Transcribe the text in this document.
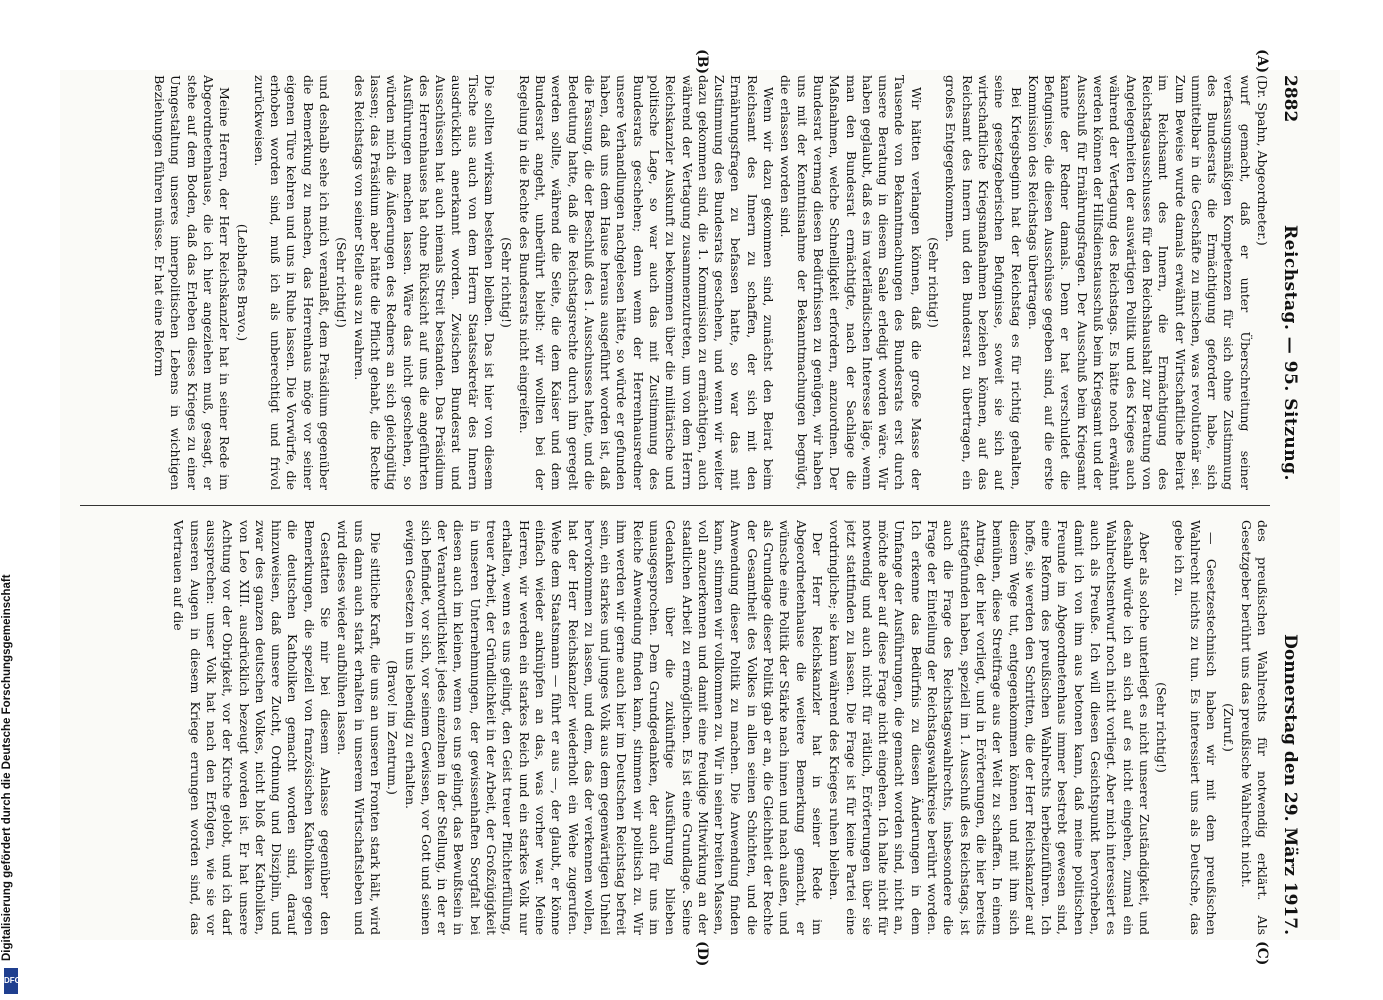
2882
Reichstag. — 95. Sitzung.
Donnerstag den 29. März 1917.

(Dr. Spahn, Abgeordneter.)

wurf gemacht, daß er unter Überschreitung seiner verfassungsmäßigen Kompetenzen für sich ohne Zustimmung des Bundesrats die Ermächtigung geforderr habe, sich unmittelbar in die Geschäfte zu mischen, was revolutionär sei. Zum Beweise wurde damals erwähnt der Wirtschaftliche Beirat im Reichsamt des Innern, die Ermächtigung des Reichstagsausschusses für den Reichshaushalt zur Beratung von Angelegenheiten der auswärtigen Politik und des Krieges auch während der Vertagung des Reichstags. Es hätte noch erwähnt werden können der Hilfsdienstausschuß beim Kriegsamt und der Ausschuß für Ernährungsfragen. Der Ausschuß beim Kriegsamt kannte der Redner damals. Denn er hat verschuldet die Befugnisse, die diesen Ausschüsse gegeben sind, auf die erste Kommission des Reichstags übertragen.

Bei Kriegsbeginn hat der Reichstag es für richtig gehalten, seine gesetzgeberischen Befugnisse, soweit sie sich auf wirtschaftliche Kriegsmaßnahmen beziehen können, auf das Reichsamt des Innern und den Bundesrat zu übertragen, ein großes Entgegenkommen.

(Sehr richtig!)

Wir hätten verlangen können, daß die große Masse der Tausende von Bekanntmachungen des Bundesrats erst durch unsere Beratung in diesem Saale erledigt worden wäre. Wir haben geglaubt, daß es im vaterländischen Interesse läge, wenn man den Bundesrat ermächtigte, nach der Sachlage die Maßnahmen, welche Schnelligkeit erfordern, anzuordnen. Der Bundesrat vermag diesen Bedürfnissen zu genügen, wir haben uns mit der Kenntnisnahme der Bekanntmachungen begnügt, die erlassen worden sind.

Wenn wir dazu gekommen sind, zunächst den Beirat beim Reichsamt des Innern zu schaffen, der sich mit den Ernährungsfragen zu befassen hatte, so war das mit Zustimmung des Bundesrats geschehen, und wenn wir weiter dazu gekommen sind, die 1. Kommission zu ermächtigen, auch während der Vertagung zusammenzutreten, um von dem Herrn Reichskanzler Auskunft zu bekommen über die militärische und politische Lage, so war auch das mit Zustimmung des Bundesrats geschehen; denn wenn der Herrenhausredner unsere Verhandlungen nachgelesen hätte, so würde er gefunden haben, daß uns dem Hause heraus ausgeführt worden ist, daß die Fassung, die der Beschluß des 1. Ausschusses hatte, und die Bedeutung hatte, daß die Reichstagsrechte durch ihn geregelt werden sollte, während die Seite, die dem Kaiser und dem Bundesrat angeht, unberührt bleibt: wir wollten bei der Regelung in die Rechte des Bundesrats nicht eingreifen.

(Sehr richtig!)

Die sollten wirksam bestehen bleiben. Das ist hier von diesem Tische aus auch von dem Herrn Staatssekretär des Innern ausdrücklich anerkannt worden. Zwischen Bundesrat und Ausschüssen hat auch niemals Streit bestanden. Das Präsidium des Herrenhauses hat ohne Rücksicht auf uns die angeführten Ausführungen machen lassen. Wäre das nicht geschehen, so würden mich die Äußerungen des Redners an sich gleichgültig lassen; das Präsidium aber hätte die Pflicht gehabt, die Rechte des Reichstags von seiner Stelle aus zu wahren.

(Sehr richtig!)

und deshalb sehe ich mich veranlaßt, dem Präsidium gegenüber die Bemerkung zu machen, das Herrenhaus möge vor seiner eigenen Türe kehren und uns in Ruhe lassen. Die Vorwürfe, die erhoben worden sind, muß ich als unberechtigt und frivol zurückweisen.

(Lebhaftes Bravo.)

Meine Herren, der Herr Reichskanzler hat in seiner Rede im Abgeordnetenhause, die ich hier angeziehen muß, gesagt, er stehe auf dem Boden, daß das Erleben dieses Krieges zu einer Umgestaltung unseres innerpolitischen Lebens in wichtigen Beziehungen führen müsse. Er hat eine Reform

des preußischen Wahlrechts für notwendig erklärt. Als Gesetzgeber berührt uns das preußische Wahlrecht nicht.

(Zuruf.)

— Gesetzestechnisch haben wir mit dem preußischen Wahlrecht nichts zu tun. Es interessiert uns als Deutsche, das gebe ich zu.

(Sehr richtig!)

Aber als solche unterliegt es nicht unserer Zuständigkeit, und deshalb würde ich an sich auf es nicht eingehen, zumal ein Wahlrechtsentwurf noch nicht vorliegt. Aber mich interessiert es auch als Preuße. Ich will diesen Gesichtspunkt hervorheben, damit ich von ihm aus betonen kann, daß meine politischen Freunde im Abgeordnetenhaus immer bestrebt gewesen sind, eine Reform des preußischen Wahlrechts herbeizuführen. Ich hoffe, sie werden den Schritten, die der Herr Reichskanzler auf diesem Wege tut, entgegenkommen können und mit ihm sich bemühen, diese Streitfrage aus der Welt zu schaffen. In einem Antrag, der hier vorliegt, und in Erörterungen, die hier bereits stattgefunden haben, speziell im 1. Ausschuß des Reichstags, ist auch die Frage des Reichstagswahlrechts, insbesondere die Frage der Einteilung der Reichstagswahlkreise berührt worden. Ich erkenne das Bedürfnis zu diesen Änderungen in dem Umfange der Ausführungen, die gemacht worden sind, nicht an, möchte aber auf diese Frage nicht eingehen. Ich halte nicht für notwendig und auch nicht für rätlich, Erörterungen über sie jetzt stattfinden zu lassen. Die Frage ist für keine Partei eine vordringliche; sie kann während des Krieges ruhen bleiben.

Der Herr Reichskanzler hat in seiner Rede im Abgeordnetenhause die weitere Bemerkung gemacht, er wünsche eine Politik der Stärke nach innen und nach außen, und als Grundlage dieser Politik gab er an, die Gleichheit der Rechte der Gesamtheit des Volkes in allen seinen Schichten, und die Anwendung dieser Politik zu machen. Die Anwendung finden kann, stimmen wir vollkommen zu. Wir in seiner breiten Massen, voll anzuerkennen und damit eine freudige Mitwirkung an der staatlichen Arbeit zu ermöglichen. Es ist eine Grundlage. Seine Gedanken über die zukünftige Ausführung blieben unausgesprochen. Dem Grundgedanken, der auch für uns im Reiche Anwendung finden kann, stimmen wir politisch zu. Wir ihm werden wir gerne auch hier im Deutschen Reichstag befreit sein, ein starkes und junges Volk aus dem gegenwärtigen Unheil hervorkommen zu lassen, und dem, das der verkennen wollen, hat der Herr Reichskanzler wiederholt ein Wehe zugerufen. Wehe dem Staatsmann — führt er aus —, der glaubt, er könne einfach wieder anknüpfen an das, was vorher war. Meine Herren, wir werden ein starkes Reich und ein starkes Volk nur erhalten, wenn es uns gelingt, den Geist treuer Pflichterfüllung, treuer Arbeit, der Gründlichkeit in der Arbeit, der Großzügigkeit in unseren Unternehmungen, der gewissenhaften Sorgfalt bei diesen auch im kleinen, wenn es uns gelingt, das Bewußtsein in der Verantwortlichkeit jedes einzelnen in der Stellung, in der er sich befindet, vor sich, vor seinem Gewissen, vor Gott und seinen ewigen Gesetzen in uns lebendig zu erhalten.

(Bravo! im Zentrum.)

Die sittliche Kraft, die uns an unseren Fronten stark hält, wird uns dann auch stark erhalten in unserem Wirtschaftsleben und wird dieses wieder aufblühen lassen.

Gestatten Sie mir bei diesem Anlasse gegenüber den Bemerkungen, die speziell von französischen Katholiken gegen die deutschen Katholiken gemacht worden sind, darauf hinzuweisen, daß unsere Zucht, Ordnung und Disziplin, und zwar des ganzen deutschen Volkes, nicht bloß der Katholiken, von Leo XIII. ausdrücklich bezeugt worden ist. Er hat unsere Achtung vor der Obrigkeit, vor der Kirche gelobt, und ich darf aussprechen: unser Volk hat nach den Erfolgen, wie sie vor unseren Augen in diesem Kriege errungen worden sind, das Vertrauen auf die

(A)
(B)
(C)
(D)
Digitalisierung gefördert durch die Deutsche Forschungsgemeinschaft
DFG
